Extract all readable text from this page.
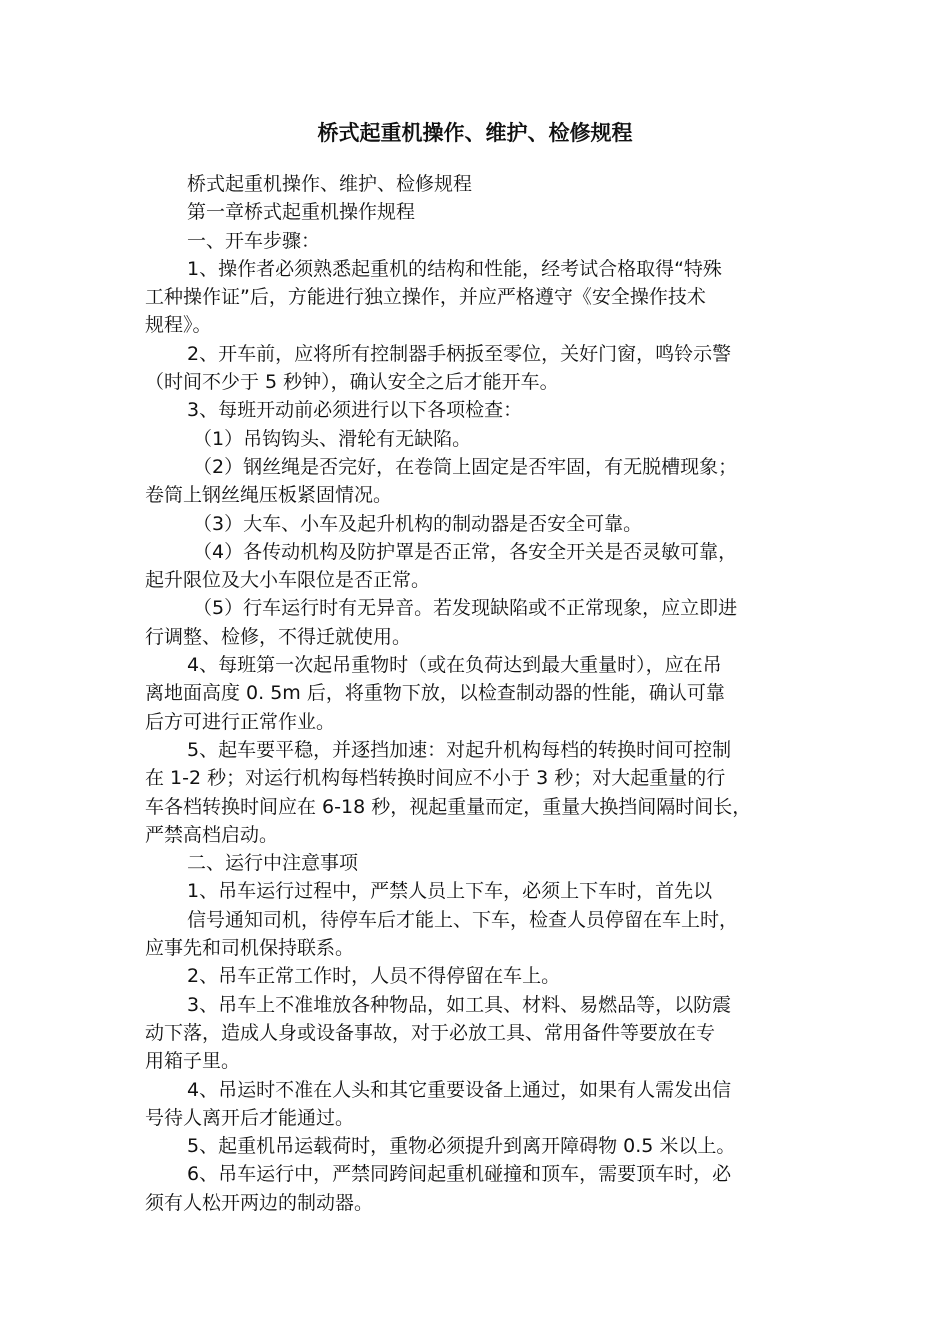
桥式起重机操作、维护、检修规程

桥式起重机操作、维护、检修规程

第一章桥式起重机操作规程

一、开车步骤：

1、操作者必须熟悉起重机的结构和性能，经考试合格取得“特殊

工种操作证”后，方能进行独立操作，并应严格遵守《安全操作技术

规程》。

2、开车前，应将所有控制器手柄扳至零位，关好门窗，鸣铃示警

（时间不少于 5 秒钟），确认安全之后才能开车。

3、每班开动前必须进行以下各项检查：

（1）吊钩钩头、滑轮有无缺陷。

（2）钢丝绳是否完好，在卷筒上固定是否牢固，有无脱槽现象；

卷筒上钢丝绳压板紧固情况。

（3）大车、小车及起升机构的制动器是否安全可靠。

（4）各传动机构及防护罩是否正常，各安全开关是否灵敏可靠，

起升限位及大小车限位是否正常。

（5）行车运行时有无异音。若发现缺陷或不正常现象，应立即进

行调整、检修，不得迁就使用。

4、每班第一次起吊重物时（或在负荷达到最大重量时），应在吊

离地面高度 0. 5m 后，将重物下放，以检查制动器的性能，确认可靠

后方可进行正常作业。

5、起车要平稳，并逐挡加速：对起升机构每档的转换时间可控制

在 1-2 秒；对运行机构每档转换时间应不小于 3 秒；对大起重量的行

车各档转换时间应在 6-18 秒，视起重量而定，重量大换挡间隔时间长，

严禁高档启动。

二、运行中注意事项

1、吊车运行过程中，严禁人员上下车，必须上下车时，首先以

信号通知司机，待停车后才能上、下车，检查人员停留在车上时，

应事先和司机保持联系。

2、吊车正常工作时，人员不得停留在车上。

3、吊车上不准堆放各种物品，如工具、材料、易燃品等，以防震

动下落，造成人身或设备事故，对于必放工具、常用备件等要放在专

用箱子里。

4、吊运时不准在人头和其它重要设备上通过，如果有人需发出信

号待人离开后才能通过。

5、起重机吊运载荷时，重物必须提升到离开障碍物 0.5 米以上。

6、吊车运行中，严禁同跨间起重机碰撞和顶车，需要顶车时，必

须有人松开两边的制动器。
